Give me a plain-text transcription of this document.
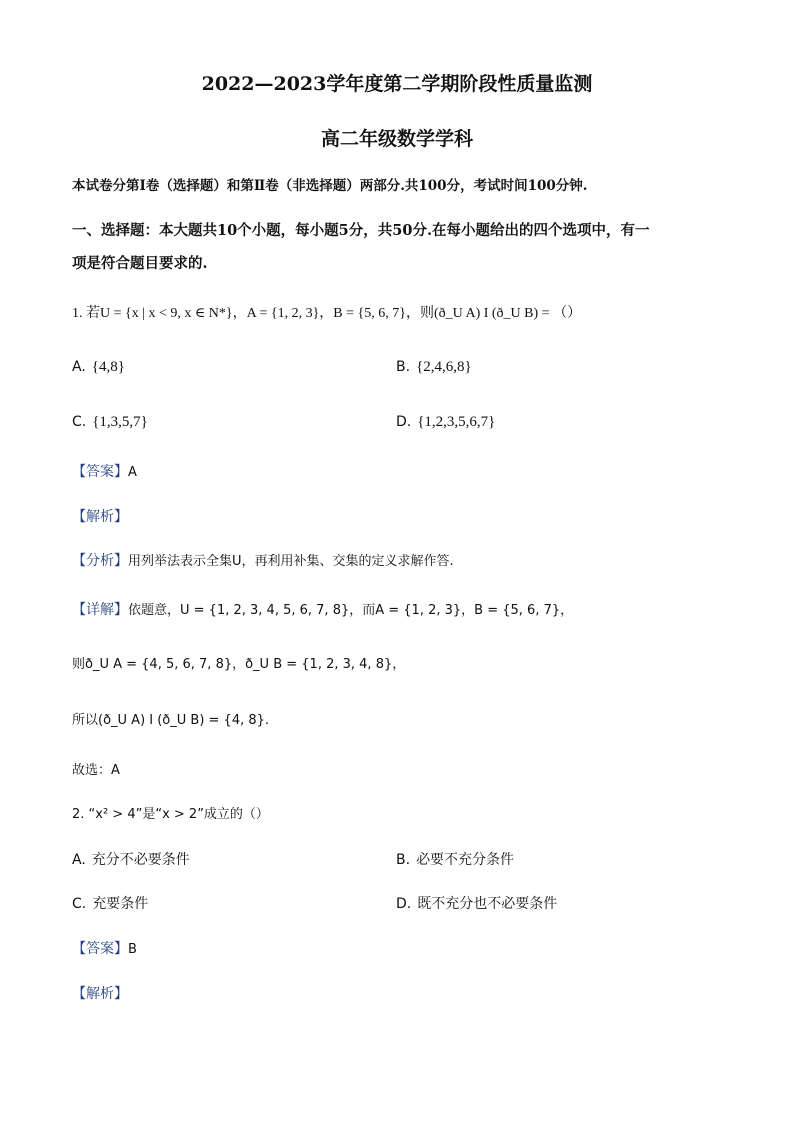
2022—2023学年度第二学期阶段性质量监测
高二年级数学学科
本试卷分第Ⅰ卷（选择题）和第Ⅱ卷（非选择题）两部分.共100分，考试时间100分钟.
一、选择题：本大题共10个小题，每小题5分，共50分.在每小题给出的四个选项中，有一
项是符合题目要求的.
1. 若U = {x | x < 9, x ∈ N*}，A = {1, 2, 3}，B = {5, 6, 7}，则(ð_U A) I (ð_U B) = （）
A. {4,8}	B. {2,4,6,8}
C. {1,3,5,7}	D. {1,2,3,5,6,7}
【答案】A
【解析】
【分析】用列举法表示全集U，再利用补集、交集的定义求解作答.
【详解】依题意，U = {1, 2, 3, 4, 5, 6, 7, 8}，而A = {1, 2, 3}，B = {5, 6, 7}，
则ð_U A = {4, 5, 6, 7, 8}，ð_U B = {1, 2, 3, 4, 8}，
所以(ð_U A) I (ð_U B) = {4, 8}.
故选：A
2. “x² > 4”是“x > 2”成立的（）
A. 充分不必要条件	B. 必要不充分条件
C. 充要条件	D. 既不充分也不必要条件
【答案】B
【解析】
